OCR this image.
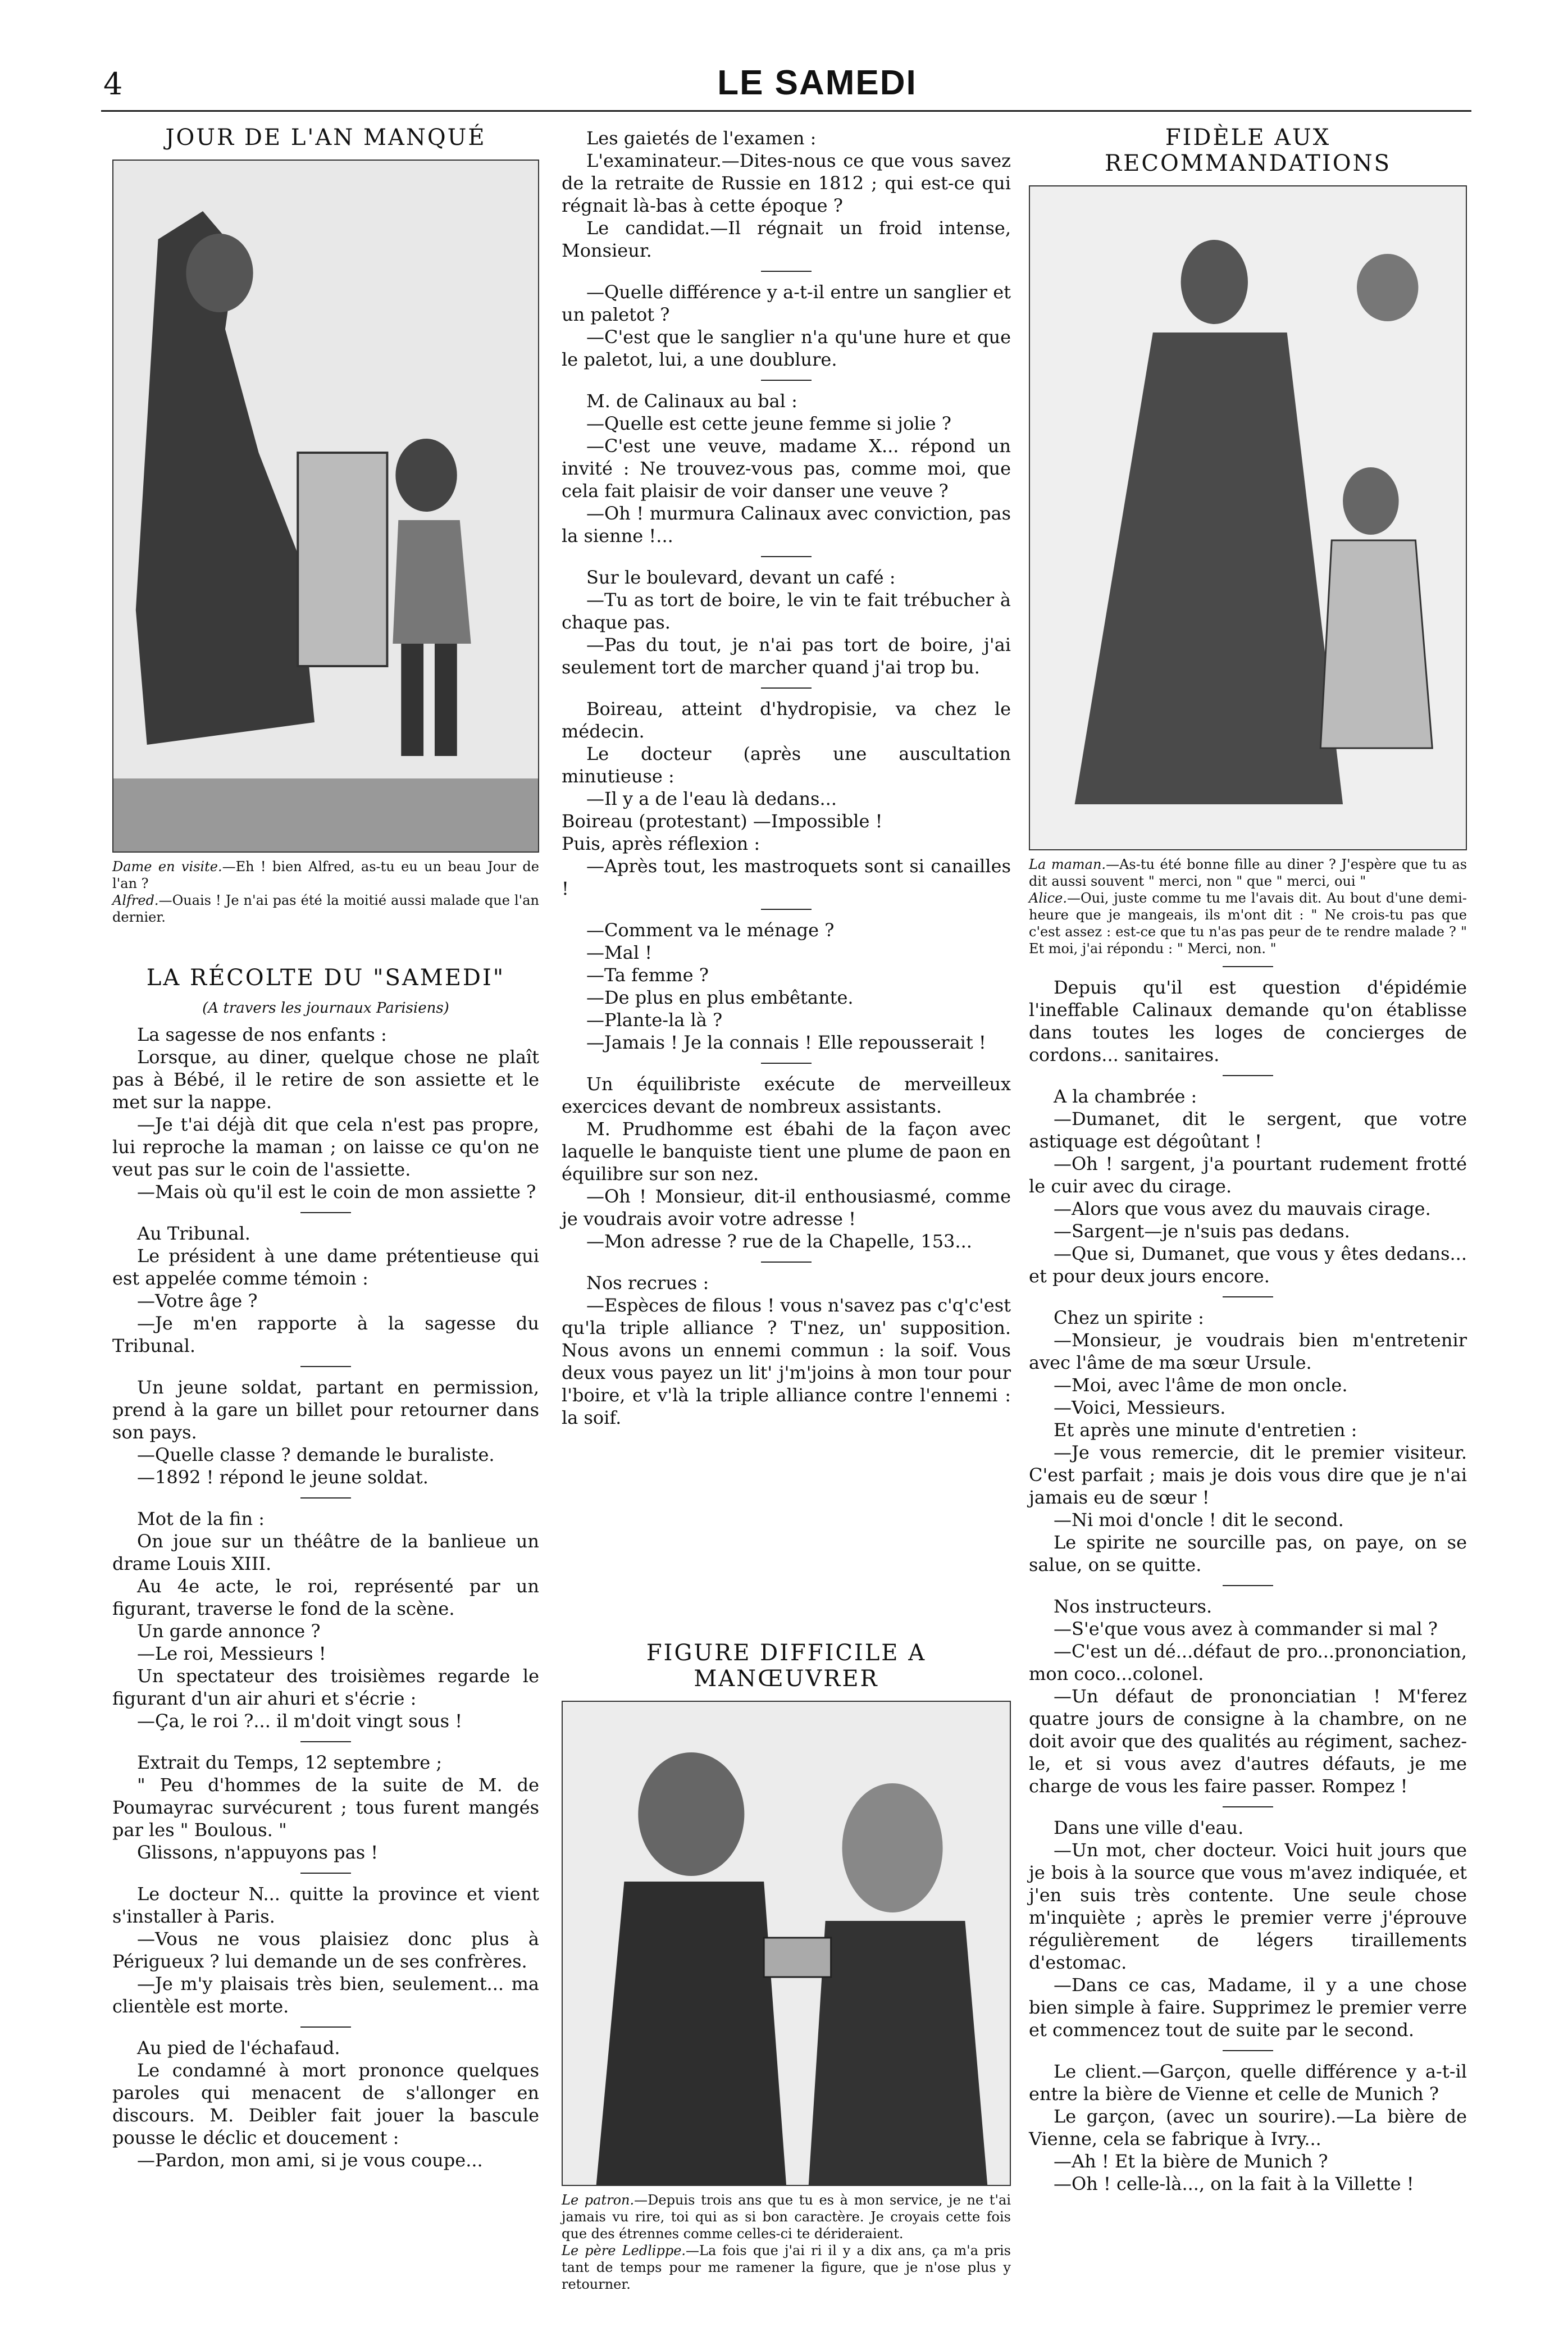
4	LE SAMEDI
JOUR DE L'AN MANQUÉ

Dame en visite.—Eh ! bien Alfred, as-tu eu un beau Jour de l'an ?

Alfred.—Ouais ! Je n'ai pas été la moitié aussi malade que l'an dernier.

LA RÉCOLTE DU "SAMEDI"
(A travers les journaux Parisiens)

La sagesse de nos enfants :

Lorsque, au diner, quelque chose ne plaît pas à Bébé, il le retire de son assiette et le met sur la nappe.

—Je t'ai déjà dit que cela n'est pas propre, lui reproche la maman ; on laisse ce qu'on ne veut pas sur le coin de l'assiette.

—Mais où qu'il est le coin de mon assiette ?

Au Tribunal.

Le président à une dame prétentieuse qui est appelée comme témoin :

—Votre âge ?

—Je m'en rapporte à la sagesse du Tribunal.

Un jeune soldat, partant en permission, prend à la gare un billet pour retourner dans son pays.

—Quelle classe ? demande le buraliste.

—1892 ! répond le jeune soldat.

Mot de la fin :

On joue sur un théâtre de la banlieue un drame Louis XIII.

Au 4e acte, le roi, représenté par un figurant, traverse le fond de la scène.

Un garde annonce ?

—Le roi, Messieurs !

Un spectateur des troisièmes regarde le figurant d'un air ahuri et s'écrie :

—Ça, le roi ?... il m'doit vingt sous !

Extrait du Temps, 12 septembre ;

" Peu d'hommes de la suite de M. de Poumayrac survécurent ; tous furent mangés par les " Boulous. "

Glissons, n'appuyons pas !

Le docteur N... quitte la province et vient s'installer à Paris.

—Vous ne vous plaisiez donc plus à Périgueux ? lui demande un de ses confrères.

—Je m'y plaisais très bien, seulement... ma clientèle est morte.

Au pied de l'échafaud.

Le condamné à mort prononce quelques paroles qui menacent de s'allonger en discours. M. Deibler fait jouer la bascule pousse le déclic et doucement :

—Pardon, mon ami, si je vous coupe...

Les gaietés de l'examen :

L'examinateur.—Dites-nous ce que vous savez de la retraite de Russie en 1812 ; qui est-ce qui régnait là-bas à cette époque ?

Le candidat.—Il régnait un froid intense, Monsieur.

—Quelle différence y a-t-il entre un sanglier et un paletot ?

—C'est que le sanglier n'a qu'une hure et que le paletot, lui, a une doublure.

M. de Calinaux au bal :

—Quelle est cette jeune femme si jolie ?

—C'est une veuve, madame X... répond un invité : Ne trouvez-vous pas, comme moi, que cela fait plaisir de voir danser une veuve ?

—Oh ! murmura Calinaux avec conviction, pas la sienne !...

Sur le boulevard, devant un café :

—Tu as tort de boire, le vin te fait trébucher à chaque pas.

—Pas du tout, je n'ai pas tort de boire, j'ai seulement tort de marcher quand j'ai trop bu.

Boireau, atteint d'hydropisie, va chez le médecin.

Le docteur (après une auscultation minutieuse :

—Il y a de l'eau là dedans...

Boireau (protestant) —Impossible !

Puis, après réflexion :

—Après tout, les mastroquets sont si canailles !

—Comment va le ménage ?

—Mal !

—Ta femme ?

—De plus en plus embêtante.

—Plante-la là ?

—Jamais ! Je la connais ! Elle repousserait !

Un équilibriste exécute de merveilleux exercices devant de nombreux assistants.

M. Prudhomme est ébahi de la façon avec laquelle le banquiste tient une plume de paon en équilibre sur son nez.

—Oh ! Monsieur, dit-il enthousiasmé, comme je voudrais avoir votre adresse !

—Mon adresse ? rue de la Chapelle, 153...

Nos recrues :

—Espèces de filous ! vous n'savez pas c'q'c'est qu'la triple alliance ? T'nez, un' supposition. Nous avons un ennemi commun : la soif. Vous deux vous payez un lit' j'm'joins à mon tour pour l'boire, et v'là la triple alliance contre l'ennemi : la soif.

FIGURE DIFFICILE A MANŒUVRER

Le patron.—Depuis trois ans que tu es à mon service, je ne t'ai jamais vu rire, toi qui as si bon caractère. Je croyais cette fois que des étrennes comme celles-ci te dérideraient.

Le père Ledlippe.—La fois que j'ai ri il y a dix ans, ça m'a pris tant de temps pour me ramener la figure, que je n'ose plus y retourner.

FIDÈLE AUX RECOMMANDATIONS

La maman.—As-tu été bonne fille au diner ? J'espère que tu as dit aussi souvent " merci, non " que " merci, oui "

Alice.—Oui, juste comme tu me l'avais dit. Au bout d'une demi-heure que je mangeais, ils m'ont dit : " Ne crois-tu pas que c'est assez : est-ce que tu n'as pas peur de te rendre malade ? " Et moi, j'ai répondu : " Merci, non. "

Depuis qu'il est question d'épidémie l'ineffable Calinaux demande qu'on établisse dans toutes les loges de concierges de cordons... sanitaires.

A la chambrée :

—Dumanet, dit le sergent, que votre astiquage est dégoûtant !

—Oh ! sargent, j'a pourtant rudement frotté le cuir avec du cirage.

—Alors que vous avez du mauvais cirage.

—Sargent—je n'suis pas dedans.

—Que si, Dumanet, que vous y êtes dedans... et pour deux jours encore.

Chez un spirite :

—Monsieur, je voudrais bien m'entretenir avec l'âme de ma sœur Ursule.

—Moi, avec l'âme de mon oncle.

—Voici, Messieurs.

Et après une minute d'entretien :

—Je vous remercie, dit le premier visiteur. C'est parfait ; mais je dois vous dire que je n'ai jamais eu de sœur !

—Ni moi d'oncle ! dit le second.

Le spirite ne sourcille pas, on paye, on se salue, on se quitte.

Nos instructeurs.

—S'e'que vous avez à commander si mal ?

—C'est un dé...défaut de pro...prononciation, mon coco...colonel.

—Un défaut de prononciatian ! M'ferez quatre jours de consigne à la chambre, on ne doit avoir que des qualités au régiment, sachez-le, et si vous avez d'autres défauts, je me charge de vous les faire passer. Rompez !

Dans une ville d'eau.

—Un mot, cher docteur. Voici huit jours que je bois à la source que vous m'avez indiquée, et j'en suis très contente. Une seule chose m'inquiète ; après le premier verre j'éprouve régulièrement de légers tiraillements d'estomac.

—Dans ce cas, Madame, il y a une chose bien simple à faire. Supprimez le premier verre et commencez tout de suite par le second.

Le client.—Garçon, quelle différence y a-t-il entre la bière de Vienne et celle de Munich ?

Le garçon, (avec un sourire).—La bière de Vienne, cela se fabrique à Ivry...

—Ah ! Et la bière de Munich ?

—Oh ! celle-là..., on la fait à la Villette !
